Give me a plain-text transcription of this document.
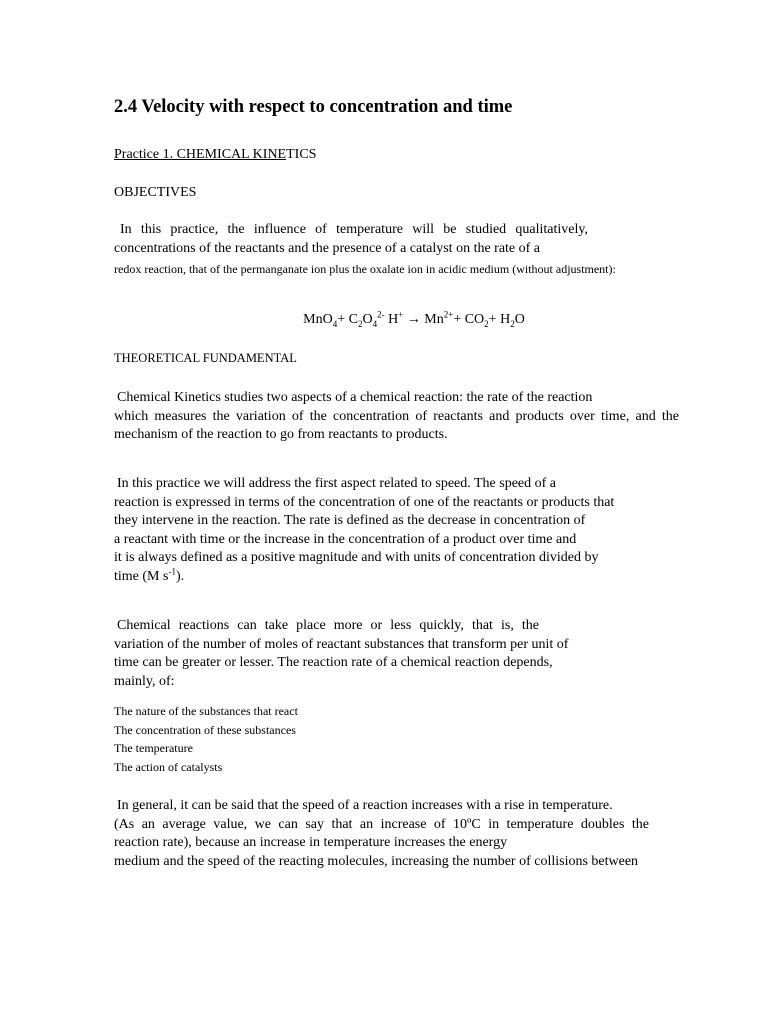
2.4 Velocity with respect to concentration and time
Practice 1. CHEMICAL KINETICS
OBJECTIVES
In this practice, the influence of temperature will be studied qualitatively,
concentrations of the reactants and the presence of a catalyst on the rate of a
redox reaction, that of the permanganate ion plus the oxalate ion in acidic medium (without adjustment):
$MnO_4+ C_2O_4^{2-}$ $H^+ \to Mn^{2+}+ CO_2+ H_2O$
THEORETICAL FUNDAMENTAL
Chemical Kinetics studies two aspects of a chemical reaction: the rate of the reaction
which measures the variation of the concentration of reactants and products over time, and the
mechanism of the reaction to go from reactants to products.
In this practice we will address the first aspect related to speed. The speed of a
reaction is expressed in terms of the concentration of one of the reactants or products that
they intervene in the reaction. The rate is defined as the decrease in concentration of
a reactant with time or the increase in the concentration of a product over time and
it is always defined as a positive magnitude and with units of concentration divided by
time (M $s^{-1}$).
Chemical reactions can take place more or less quickly, that is, the
variation of the number of moles of reactant substances that transform per unit of
time can be greater or lesser. The reaction rate of a chemical reaction depends,
mainly, of:
The nature of the substances that react
The concentration of these substances
The temperature
The action of catalysts
In general, it can be said that the speed of a reaction increases with a rise in temperature.
(As an average value, we can say that an increase of 10ºC in temperature doubles the
reaction rate), because an increase in temperature increases the energy
medium and the speed of the reacting molecules, increasing the number of collisions between
